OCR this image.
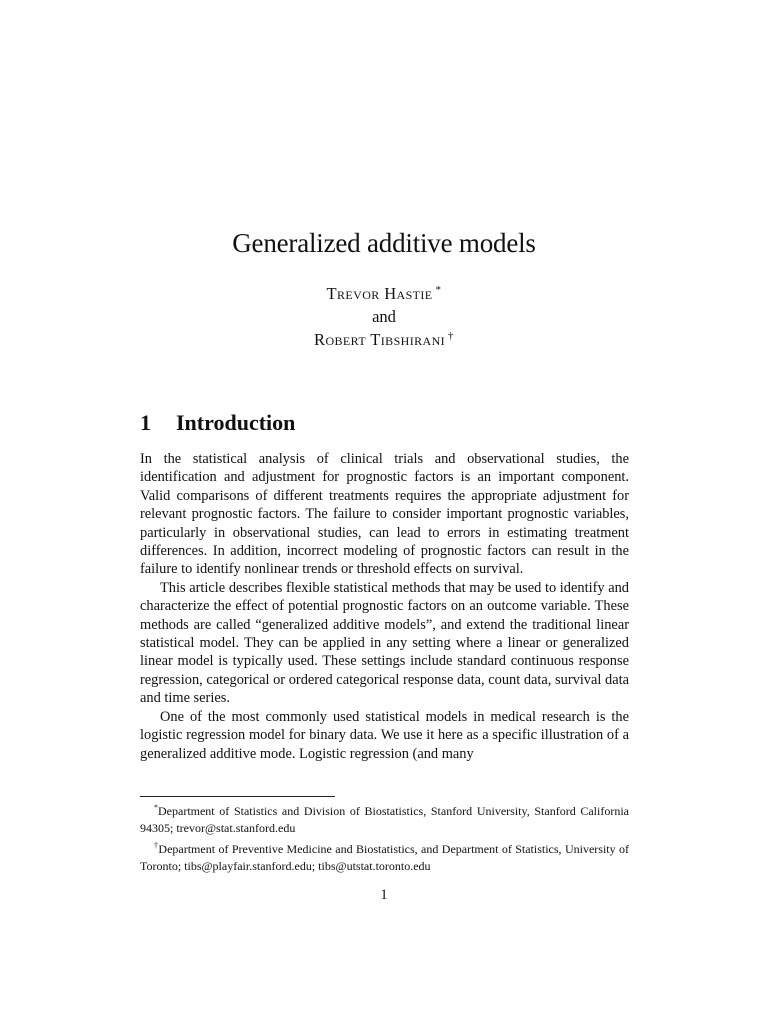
Generalized additive models
Trevor Hastie *
and
Robert Tibshirani †
1 Introduction

In the statistical analysis of clinical trials and observational studies, the identification and adjustment for prognostic factors is an important component. Valid comparisons of different treatments requires the appropriate adjustment for relevant prognostic factors. The failure to consider important prognostic variables, particularly in observational studies, can lead to errors in estimating treatment differences. In addition, incorrect modeling of prognostic factors can result in the failure to identify nonlinear trends or threshold effects on survival.

This article describes flexible statistical methods that may be used to identify and characterize the effect of potential prognostic factors on an outcome variable. These methods are called “generalized additive models”, and extend the traditional linear statistical model. They can be applied in any setting where a linear or generalized linear model is typically used. These settings include standard continuous response regression, categorical or ordered categorical response data, count data, survival data and time series.

One of the most commonly used statistical models in medical research is the logistic regression model for binary data. We use it here as a specific illustration of a generalized additive mode. Logistic regression (and many

*Department of Statistics and Division of Biostatistics, Stanford University, Stanford California 94305; trevor@stat.stanford.edu

†Department of Preventive Medicine and Biostatistics, and Department of Statistics, University of Toronto; tibs@playfair.stanford.edu; tibs@utstat.toronto.edu

1
